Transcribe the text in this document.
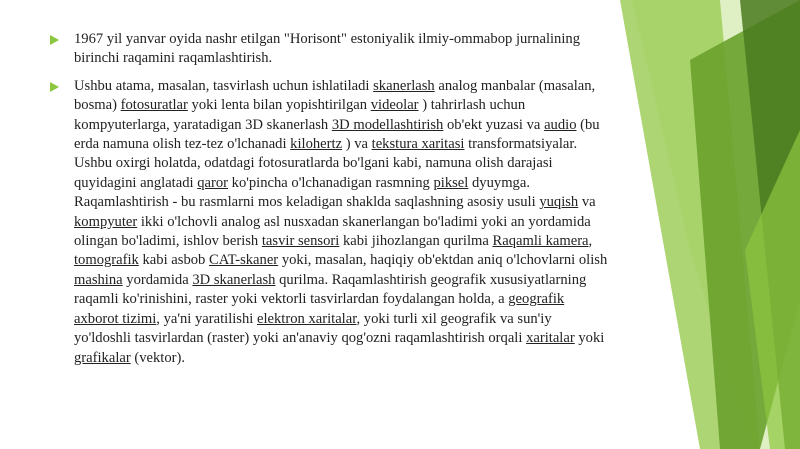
1967 yil yanvar oyida nashr etilgan "Horisont" estoniyalik ilmiy-ommabop jurnalining birinchi raqamini raqamlashtirish.

Ushbu atama, masalan, tasvirlash uchun ishlatiladi skanerlash analog manbalar (masalan, bosma) fotosuratlar yoki lenta bilan yopishtirilgan videolar ) tahrirlash uchun kompyuterlarga, yaratadigan 3D skanerlash 3D modellashtirish ob'ekt yuzasi va audio (bu erda namuna olish tez-tez o'lchanadi kilohertz ) va tekstura xaritasi transformatsiyalar. Ushbu oxirgi holatda, odatdagi fotosuratlarda bo'lgani kabi, namuna olish darajasi quyidagini anglatadi qaror ko'pincha o'lchanadigan rasmning piksel dyuymga. Raqamlashtirish - bu rasmlarni mos keladigan shaklda saqlashning asosiy usuli yuqish va kompyuter ikki o'lchovli analog asl nusxadan skanerlangan bo'ladimi yoki an yordamida olingan bo'ladimi, ishlov berish tasvir sensori kabi jihozlangan qurilma Raqamli kamera, tomografik kabi asbob CAT-skaner yoki, masalan, haqiqiy ob'ektdan aniq o'lchovlarni olish mashina yordamida 3D skanerlash qurilma. Raqamlashtirish geografik xususiyatlarning raqamli ko'rinishini, raster yoki vektorli tasvirlardan foydalangan holda, a geografik axborot tizimi, ya'ni yaratilishi elektron xaritalar, yoki turli xil geografik va sun'iy yo'ldoshli tasvirlardan (raster) yoki an'anaviy qog'ozni raqamlashtirish orqali xaritalar yoki grafikalar (vektor).
